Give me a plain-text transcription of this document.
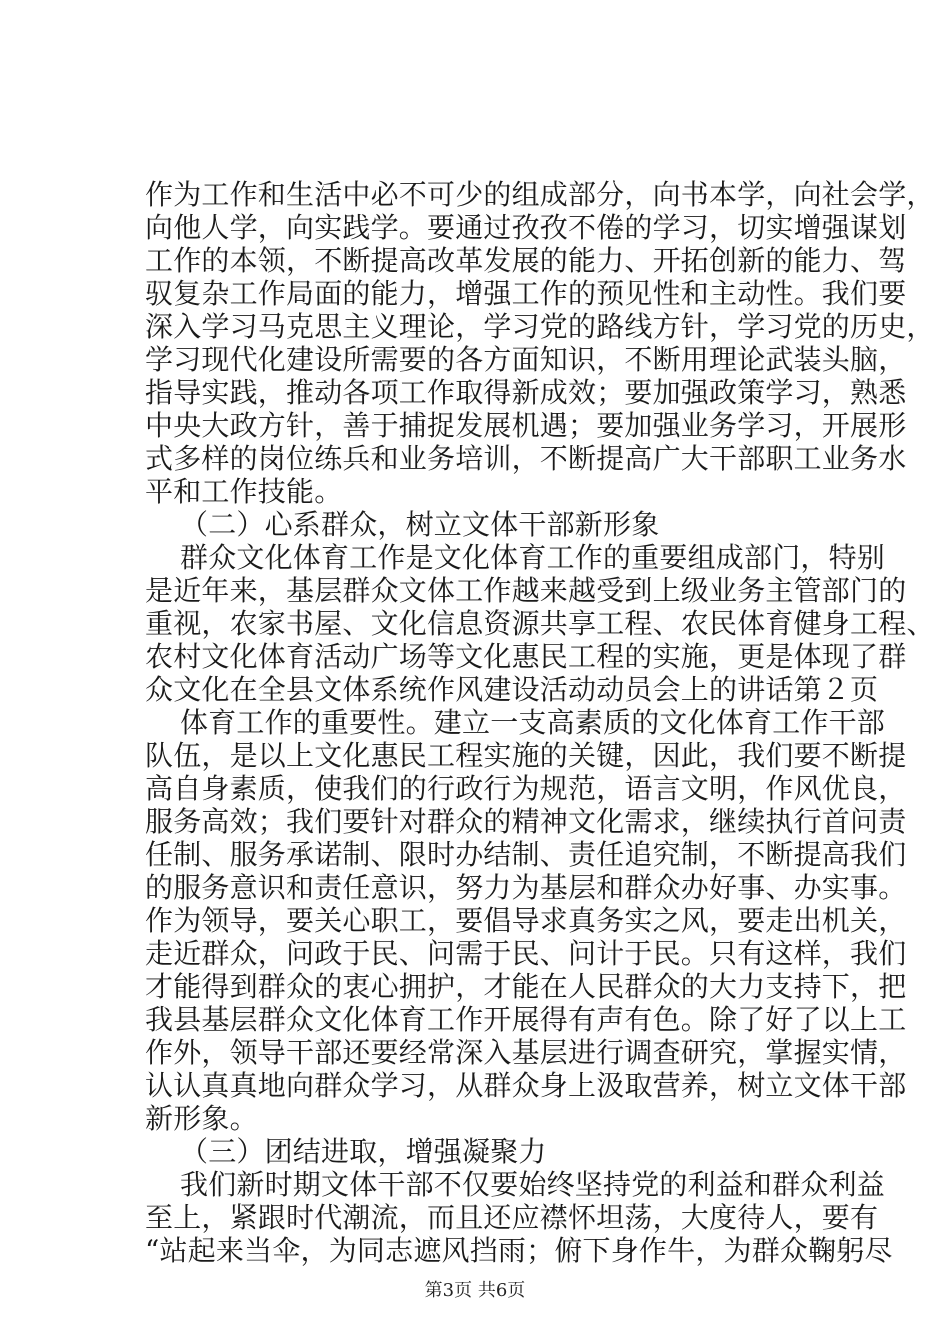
作为工作和生活中必不可少的组成部分，向书本学，向社会学，
向他人学，向实践学。要通过孜孜不倦的学习，切实增强谋划
工作的本领，不断提高改革发展的能力、开拓创新的能力、驾
驭复杂工作局面的能力，增强工作的预见性和主动性。我们要
深入学习马克思主义理论，学习党的路线方针，学习党的历史，
学习现代化建设所需要的各方面知识，不断用理论武装头脑，
指导实践，推动各项工作取得新成效；要加强政策学习，熟悉
中央大政方针，善于捕捉发展机遇；要加强业务学习，开展形
式多样的岗位练兵和业务培训，不断提高广大干部职工业务水
平和工作技能。
（二）心系群众，树立文体干部新形象
群众文化体育工作是文化体育工作的重要组成部门，特别
是近年来，基层群众文体工作越来越受到上级业务主管部门的
重视，农家书屋、文化信息资源共享工程、农民体育健身工程、
农村文化体育活动广场等文化惠民工程的实施，更是体现了群
众文化在全县文体系统作风建设活动动员会上的讲话第２页
体育工作的重要性。建立一支高素质的文化体育工作干部
队伍，是以上文化惠民工程实施的关键，因此，我们要不断提
高自身素质，使我们的行政行为规范，语言文明，作风优良，
服务高效；我们要针对群众的精神文化需求，继续执行首问责
任制、服务承诺制、限时办结制、责任追究制，不断提高我们
的服务意识和责任意识，努力为基层和群众办好事、办实事。
作为领导，要关心职工，要倡导求真务实之风，要走出机关，
走近群众，问政于民、问需于民、问计于民。只有这样，我们
才能得到群众的衷心拥护，才能在人民群众的大力支持下，把
我县基层群众文化体育工作开展得有声有色。除了好了以上工
作外，领导干部还要经常深入基层进行调查研究，掌握实情，
认认真真地向群众学习，从群众身上汲取营养，树立文体干部
新形象。
（三）团结进取，增强凝聚力
我们新时期文体干部不仅要始终坚持党的利益和群众利益
至上，紧跟时代潮流，而且还应襟怀坦荡，大度待人，要有
“站起来当伞，为同志遮风挡雨；俯下身作牛，为群众鞠躬尽
第3页 共6页
